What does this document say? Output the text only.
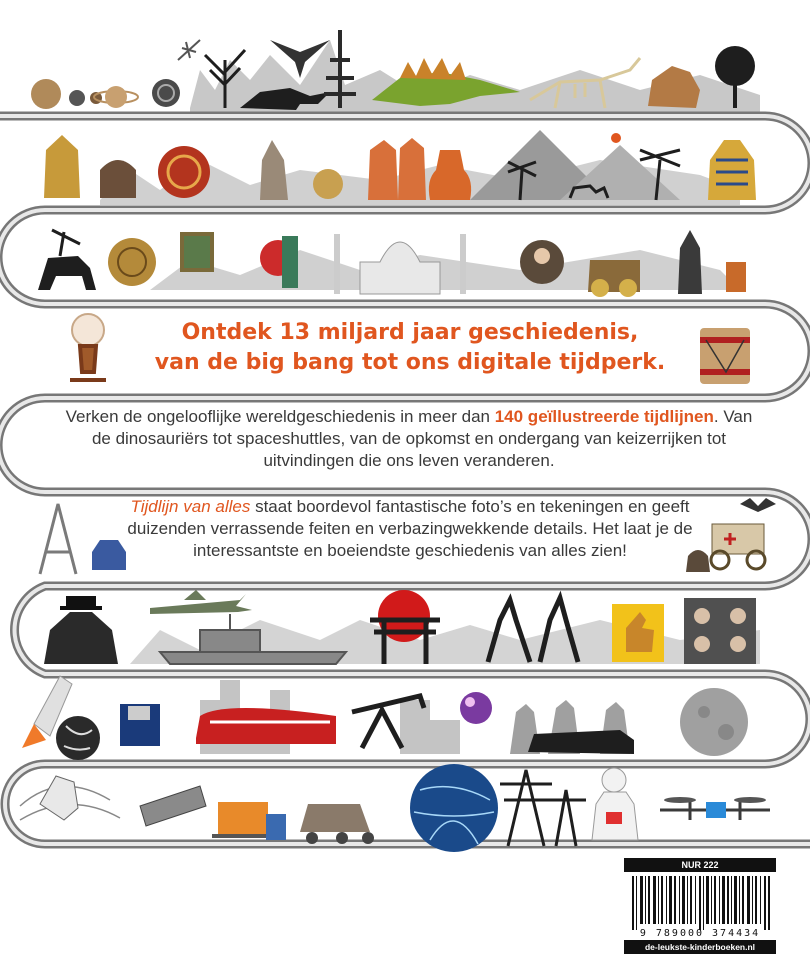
Ontdek 13 miljard jaar geschiedenis,
van de big bang tot ons digitale tijdperk.
Verken de ongelooflijke wereldgeschiedenis in meer dan 140 geïllustreerde tijdlijnen. Van de dinosauriërs tot spaceshuttles, van de opkomst en ondergang van keizerrijken tot uitvindingen die ons leven veranderen.
Tijdlijn van alles staat boordevol fantastische foto’s en tekeningen en geeft duizenden verrassende feiten en verbazingwekkende details. Het laat je de interessantste en boeiendste geschiedenis van alles zien!
NUR 222
9 789000 374434
de-leukste-kinderboeken.nl
